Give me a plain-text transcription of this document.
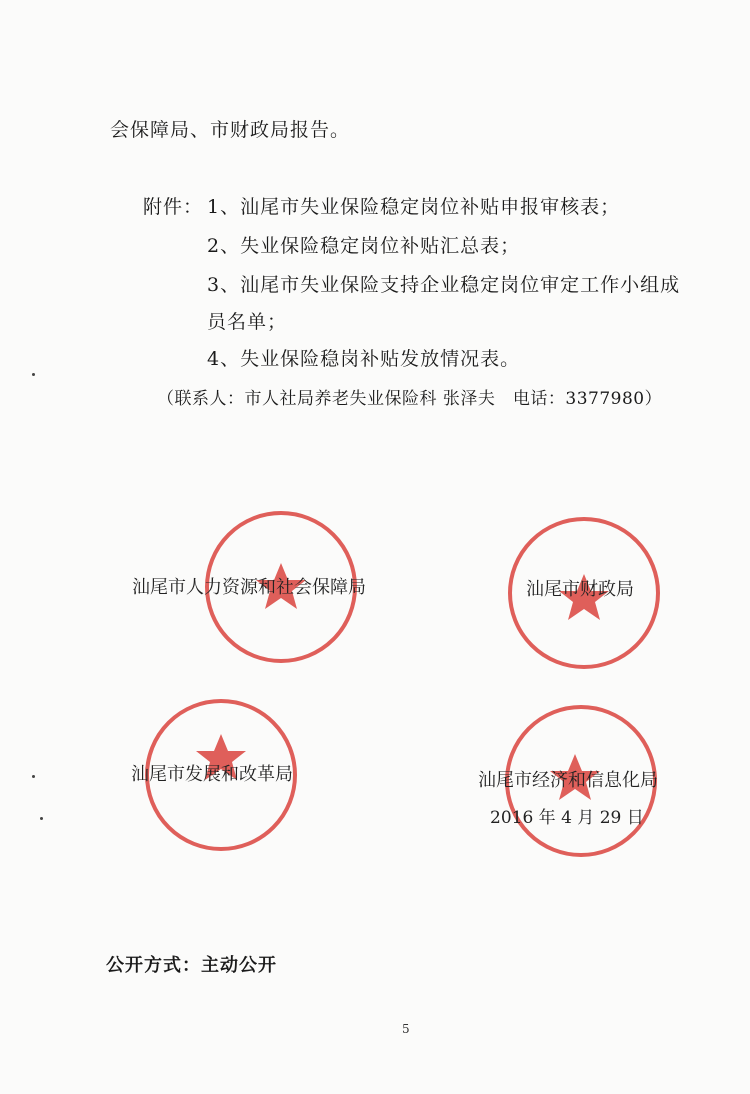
会保障局、市财政局报告。
附件： 1、汕尾市失业保险稳定岗位补贴申报审核表；
2、失业保险稳定岗位补贴汇总表；
3、汕尾市失业保险支持企业稳定岗位审定工作小组成
员名单；
4、失业保险稳岗补贴发放情况表。
（联系人：市人社局养老失业保险科 张泽夫　电话：3377980）
汕尾市人力资源和社会保障局	汕尾市财政局
汕尾市发展和改革局	汕尾市经济和信息化局
2016 年 4 月 29 日
公开方式：主动公开
5
